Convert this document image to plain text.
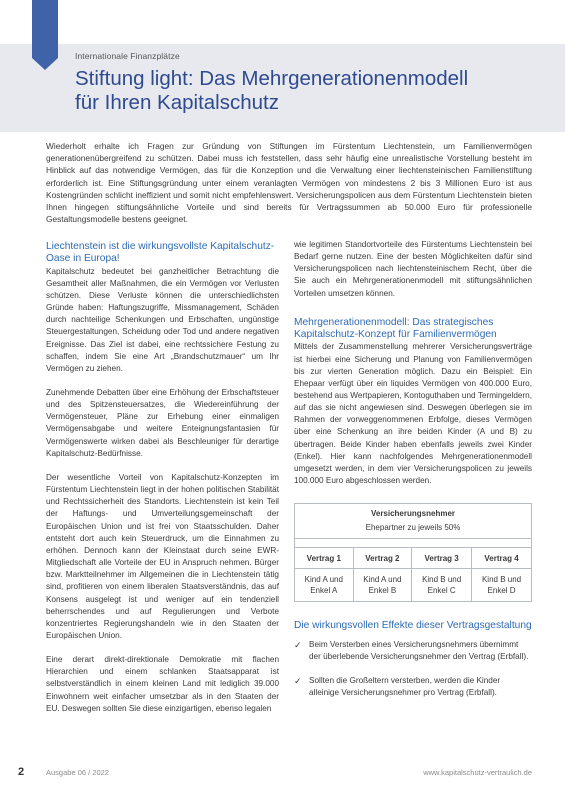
Internationale Finanzplätze
Stiftung light: Das Mehrgenerationenmodell
für Ihren Kapitalschutz

Wiederholt erhalte ich Fragen zur Gründung von Stiftungen im Fürstentum Liechtenstein, um Familienvermögen generationenübergreifend zu schützen. Dabei muss ich feststellen, dass sehr häufig eine unrealistische Vorstellung besteht im Hinblick auf das notwendige Vermögen, das für die Konzeption und die Verwaltung einer liechtensteinischen Familienstiftung erforderlich ist. Eine Stiftungsgründung unter einem veranlagten Vermögen von mindestens 2 bis 3 Millionen Euro ist aus Kostengründen schlicht ineffizient und somit nicht empfehlenswert. Versicherungspolicen aus dem Fürstentum Liechtenstein bieten Ihnen hingegen stiftungsähnliche Vorteile und sind bereits für Vertragssummen ab 50.000 Euro für professionelle Gestaltungsmodelle bestens geeignet.

Liechtenstein ist die wirkungsvollste Kapitalschutz-Oase in Europa!

Kapitalschutz bedeutet bei ganzheitlicher Betrachtung die Gesamtheit aller Maßnahmen, die ein Vermögen vor Verlusten schützen. Diese Verluste können die unterschiedlichsten Gründe haben: Haftungszugriffe, Missmanagement, Schäden durch nachteilige Schenkungen und Erbschaften, ungünstige Steuergestaltungen, Scheidung oder Tod und andere negativen Ereignisse. Das Ziel ist dabei, eine rechtssichere Festung zu schaffen, indem Sie eine Art „Brandschutzmauer“ um Ihr Vermögen zu ziehen.

Zunehmende Debatten über eine Erhöhung der Erbschaftsteuer und des Spitzensteuersatzes, die Wiedereinführung der Vermögensteuer, Pläne zur Erhebung einer einmaligen Vermögensabgabe und weitere Enteignungsfantasien für Vermögenswerte wirken dabei als Beschleuniger für derartige Kapitalschutz-Bedürfnisse.

Der wesentliche Vorteil von Kapitalschutz-Konzepten im Fürstentum Liechtenstein liegt in der hohen politischen Stabilität und Rechtssicherheit des Standorts. Liechtenstein ist kein Teil der Haftungs- und Umverteilungsgemeinschaft der Europäischen Union und ist frei von Staatsschulden. Daher entsteht dort auch kein Steuerdruck, um die Einnahmen zu erhöhen. Dennoch kann der Kleinstaat durch seine EWR-Mitgliedschaft alle Vorteile der EU in Anspruch nehmen. Bürger bzw. Marktteilnehmer im Allgemeinen die in Liechtenstein tätig sind, profitieren von einem liberalen Staatsverständnis, das auf Konsens ausgelegt ist und weniger auf ein tendenziell beherrschendes und auf Regulierungen und Verbote konzentriertes Regierungshandeln wie in den Staaten der Europäischen Union.

Eine derart direkt-direktionale Demokratie mit flachen Hierarchien und einem schlanken Staatsapparat ist selbstverständlich in einem kleinen Land mit lediglich 39.000 Einwohnern weit einfacher umsetzbar als in den Staaten der EU. Deswegen sollten Sie diese einzigartigen, ebenso legalen

wie legitimen Standortvorteile des Fürstentums Liechtenstein bei Bedarf gerne nutzen. Eine der besten Möglichkeiten dafür sind Versicherungspolicen nach liechtensteinischem Recht, über die Sie auch ein Mehrgenerationenmodell mit stiftungsähnlichen Vorteilen umsetzen können.

Mehrgenerationenmodell: Das strategisches Kapitalschutz-Konzept für Familienvermögen

Mittels der Zusammenstellung mehrerer Versicherungsverträge ist hierbei eine Sicherung und Planung von Familienvermögen bis zur vierten Generation möglich. Dazu ein Beispiel: Ein Ehepaar verfügt über ein liquides Vermögen von 400.000 Euro, bestehend aus Wertpapieren, Kontoguthaben und Termingeldern, auf das sie nicht angewiesen sind. Deswegen überlegen sie im Rahmen der vorweggenommenen Erbfolge, dieses Vermögen über eine Schenkung an ihre beiden Kinder (A und B) zu übertragen. Beide Kinder haben ebenfalls jeweils zwei Kinder (Enkel). Hier kann nachfolgendes Mehrgenerationenmodell umgesetzt werden, in dem vier Versicherungspolicen zu jeweils 100.000 Euro abgeschlossen werden.

Versicherungsnehmer			
Ehepartner zu jeweils 50%			

Vertrag 1	Vertrag 2	Vertrag 3	Vertrag 4
Kind A und
Enkel A	Kind A und
Enkel B	Kind B und
Enkel C	Kind B und
Enkel D
Die wirkungsvollen Effekte dieser Vertragsgestaltung
✓ Beim Versterben eines Versicherungsnehmers übernimmt der überlebende Versicherungsnehmer den Vertrag (Erbfall).
✓ Sollten die Großeltern versterben, werden die Kinder alleinige Versicherungsnehmer pro Vertrag (Erbfall).
2	Ausgabe 06 / 2022	www.kapitalschutz-vertraulich.de
